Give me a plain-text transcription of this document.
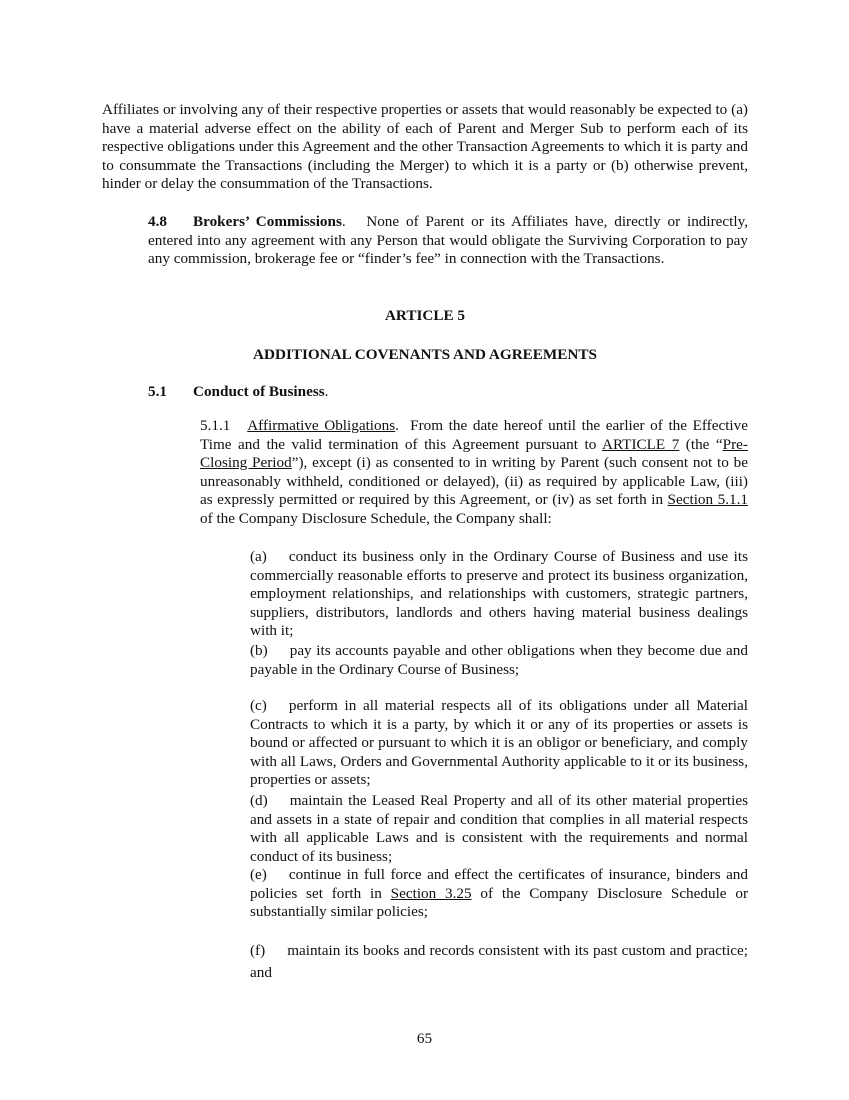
Affiliates or involving any of their respective properties or assets that would reasonably be expected to (a) have a material adverse effect on the ability of each of Parent and Merger Sub to perform each of its respective obligations under this Agreement and the other Transaction Agreements to which it is party and to consummate the Transactions (including the Merger) to which it is a party or (b) otherwise prevent, hinder or delay the consummation of the Transactions.

4.8 Brokers’ Commissions.   None of Parent or its Affiliates have, directly or indirectly, entered into any agreement with any Person that would obligate the Surviving Corporation to pay any commission, brokerage fee or “finder’s fee” in connection with the Transactions.

ARTICLE 5
ADDITIONAL COVENANTS AND AGREEMENTS

5.1 Conduct of Business.

5.1.1 Affirmative Obligations.  From the date hereof until the earlier of the Effective Time and the valid termination of this Agreement pursuant to ARTICLE 7 (the “Pre-Closing Period”), except (i) as consented to in writing by Parent (such consent not to be unreasonably withheld, conditioned or delayed), (ii) as required by applicable Law, (iii) as expressly permitted or required by this Agreement, or (iv) as set forth in Section 5.1.1 of the Company Disclosure Schedule, the Company shall:

(a) conduct its business only in the Ordinary Course of Business and use its commercially reasonable efforts to preserve and protect its business organization, employment relationships, and relationships with customers, strategic partners, suppliers, distributors, landlords and others having material business dealings with it;

(b) pay its accounts payable and other obligations when they become due and payable in the Ordinary Course of Business;

(c) perform in all material respects all of its obligations under all Material Contracts to which it is a party, by which it or any of its properties or assets is bound or affected or pursuant to which it is an obligor or beneficiary, and comply with all Laws, Orders and Governmental Authority applicable to it or its business, properties or assets;

(d) maintain the Leased Real Property and all of its other material properties and assets in a state of repair and condition that complies in all material respects with all applicable Laws and is consistent with the requirements and normal conduct of its business;

(e) continue in full force and effect the certificates of insurance, binders and policies set forth in Section 3.25 of the Company Disclosure Schedule or substantially similar policies;

(f) maintain its books and records consistent with its past custom and practice; and

65
